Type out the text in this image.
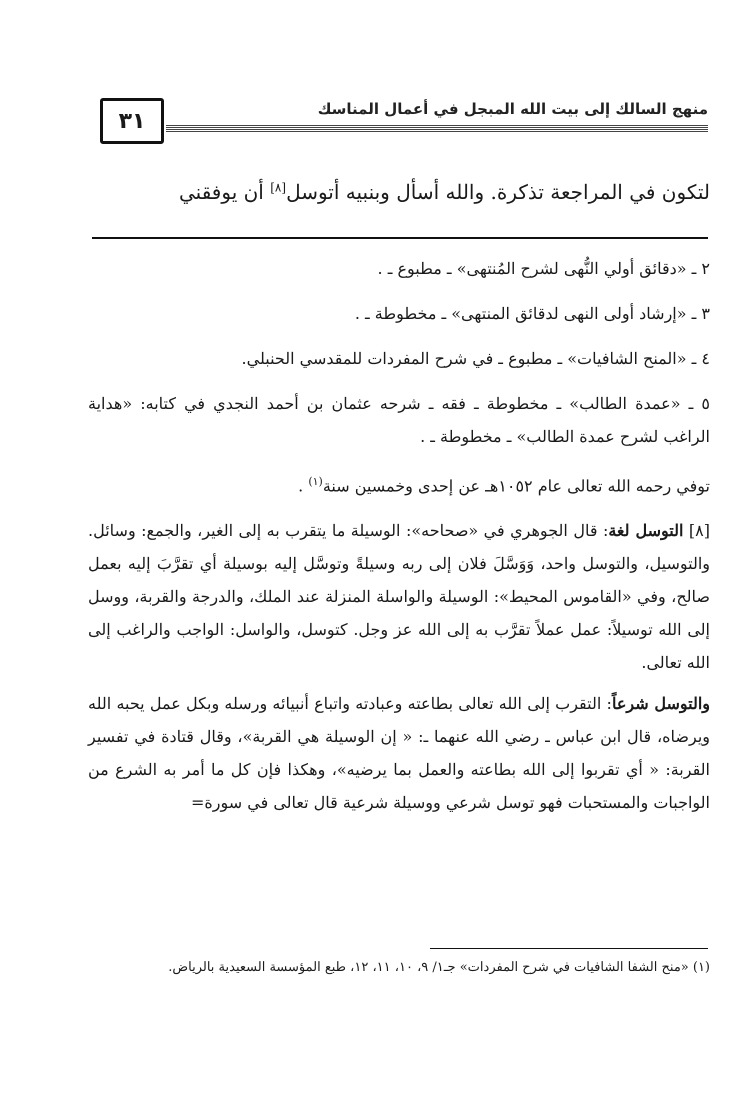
٣١	منهج السالك إلى بيت الله المبجل في أعمال المناسك
لتكون في المراجعة تذكرة. والله أسأل وبنبيه أتوسل[٨] أن يوفقني

٢ ـ «دقائق أولي النُّهى لشرح المُنتهى» ـ مطبوع ـ .

٣ ـ «إرشاد أولى النهى لدقائق المنتهى» ـ مخطوطة ـ .

٤ ـ «المنح الشافيات» ـ مطبوع ـ في شرح المفردات للمقدسي الحنبلي.

٥ ـ «عمدة الطالب» ـ مخطوطة ـ فقه ـ شرحه عثمان بن أحمد النجدي في كتابه: «هداية الراغب لشرح عمدة الطالب» ـ مخطوطة ـ .

توفي رحمه الله تعالى عام ١٠٥٢هـ عن إحدى وخمسين سنة$^{(١)}$ .

[٨] التوسل لغة: قال الجوهري في «صحاحه»: الوسيلة ما يتقرب به إلى الغير، والجمع: وسائل. والتوسيل، والتوسل واحد، وَوَسَّلَ فلان إلى ربه وسيلةً وتوسَّل إليه بوسيلة أي تقرَّبَ إليه بعمل صالح، وفي «القاموس المحيط»: الوسيلة والواسلة المنزلة عند الملك، والدرجة والقربة، ووسل إلى الله توسيلاً: عمل عملاً تقرَّب به إلى الله عز وجل. كتوسل، والواسل: الواجب والراغب إلى الله تعالى.

والتوسل شرعاً: التقرب إلى الله تعالى بطاعته وعبادته واتباع أنبيائه ورسله وبكل عمل يحبه الله ويرضاه، قال ابن عباس ـ رضي الله عنهما ـ: « إن الوسيلة هي القربة»، وقال قتادة في تفسير القربة: « أي تقربوا إلى الله بطاعته والعمل بما يرضيه»، وهكذا فإن كل ما أمر به الشرع من الواجبات والمستحبات فهو توسل شرعي ووسيلة شرعية قال تعالى في سورة=

(١) «منح الشفا الشافيات في شرح المفردات» جـ١/ ٩، ١٠، ١١، ١٢، طبع المؤسسة السعيدية بالرياض.
